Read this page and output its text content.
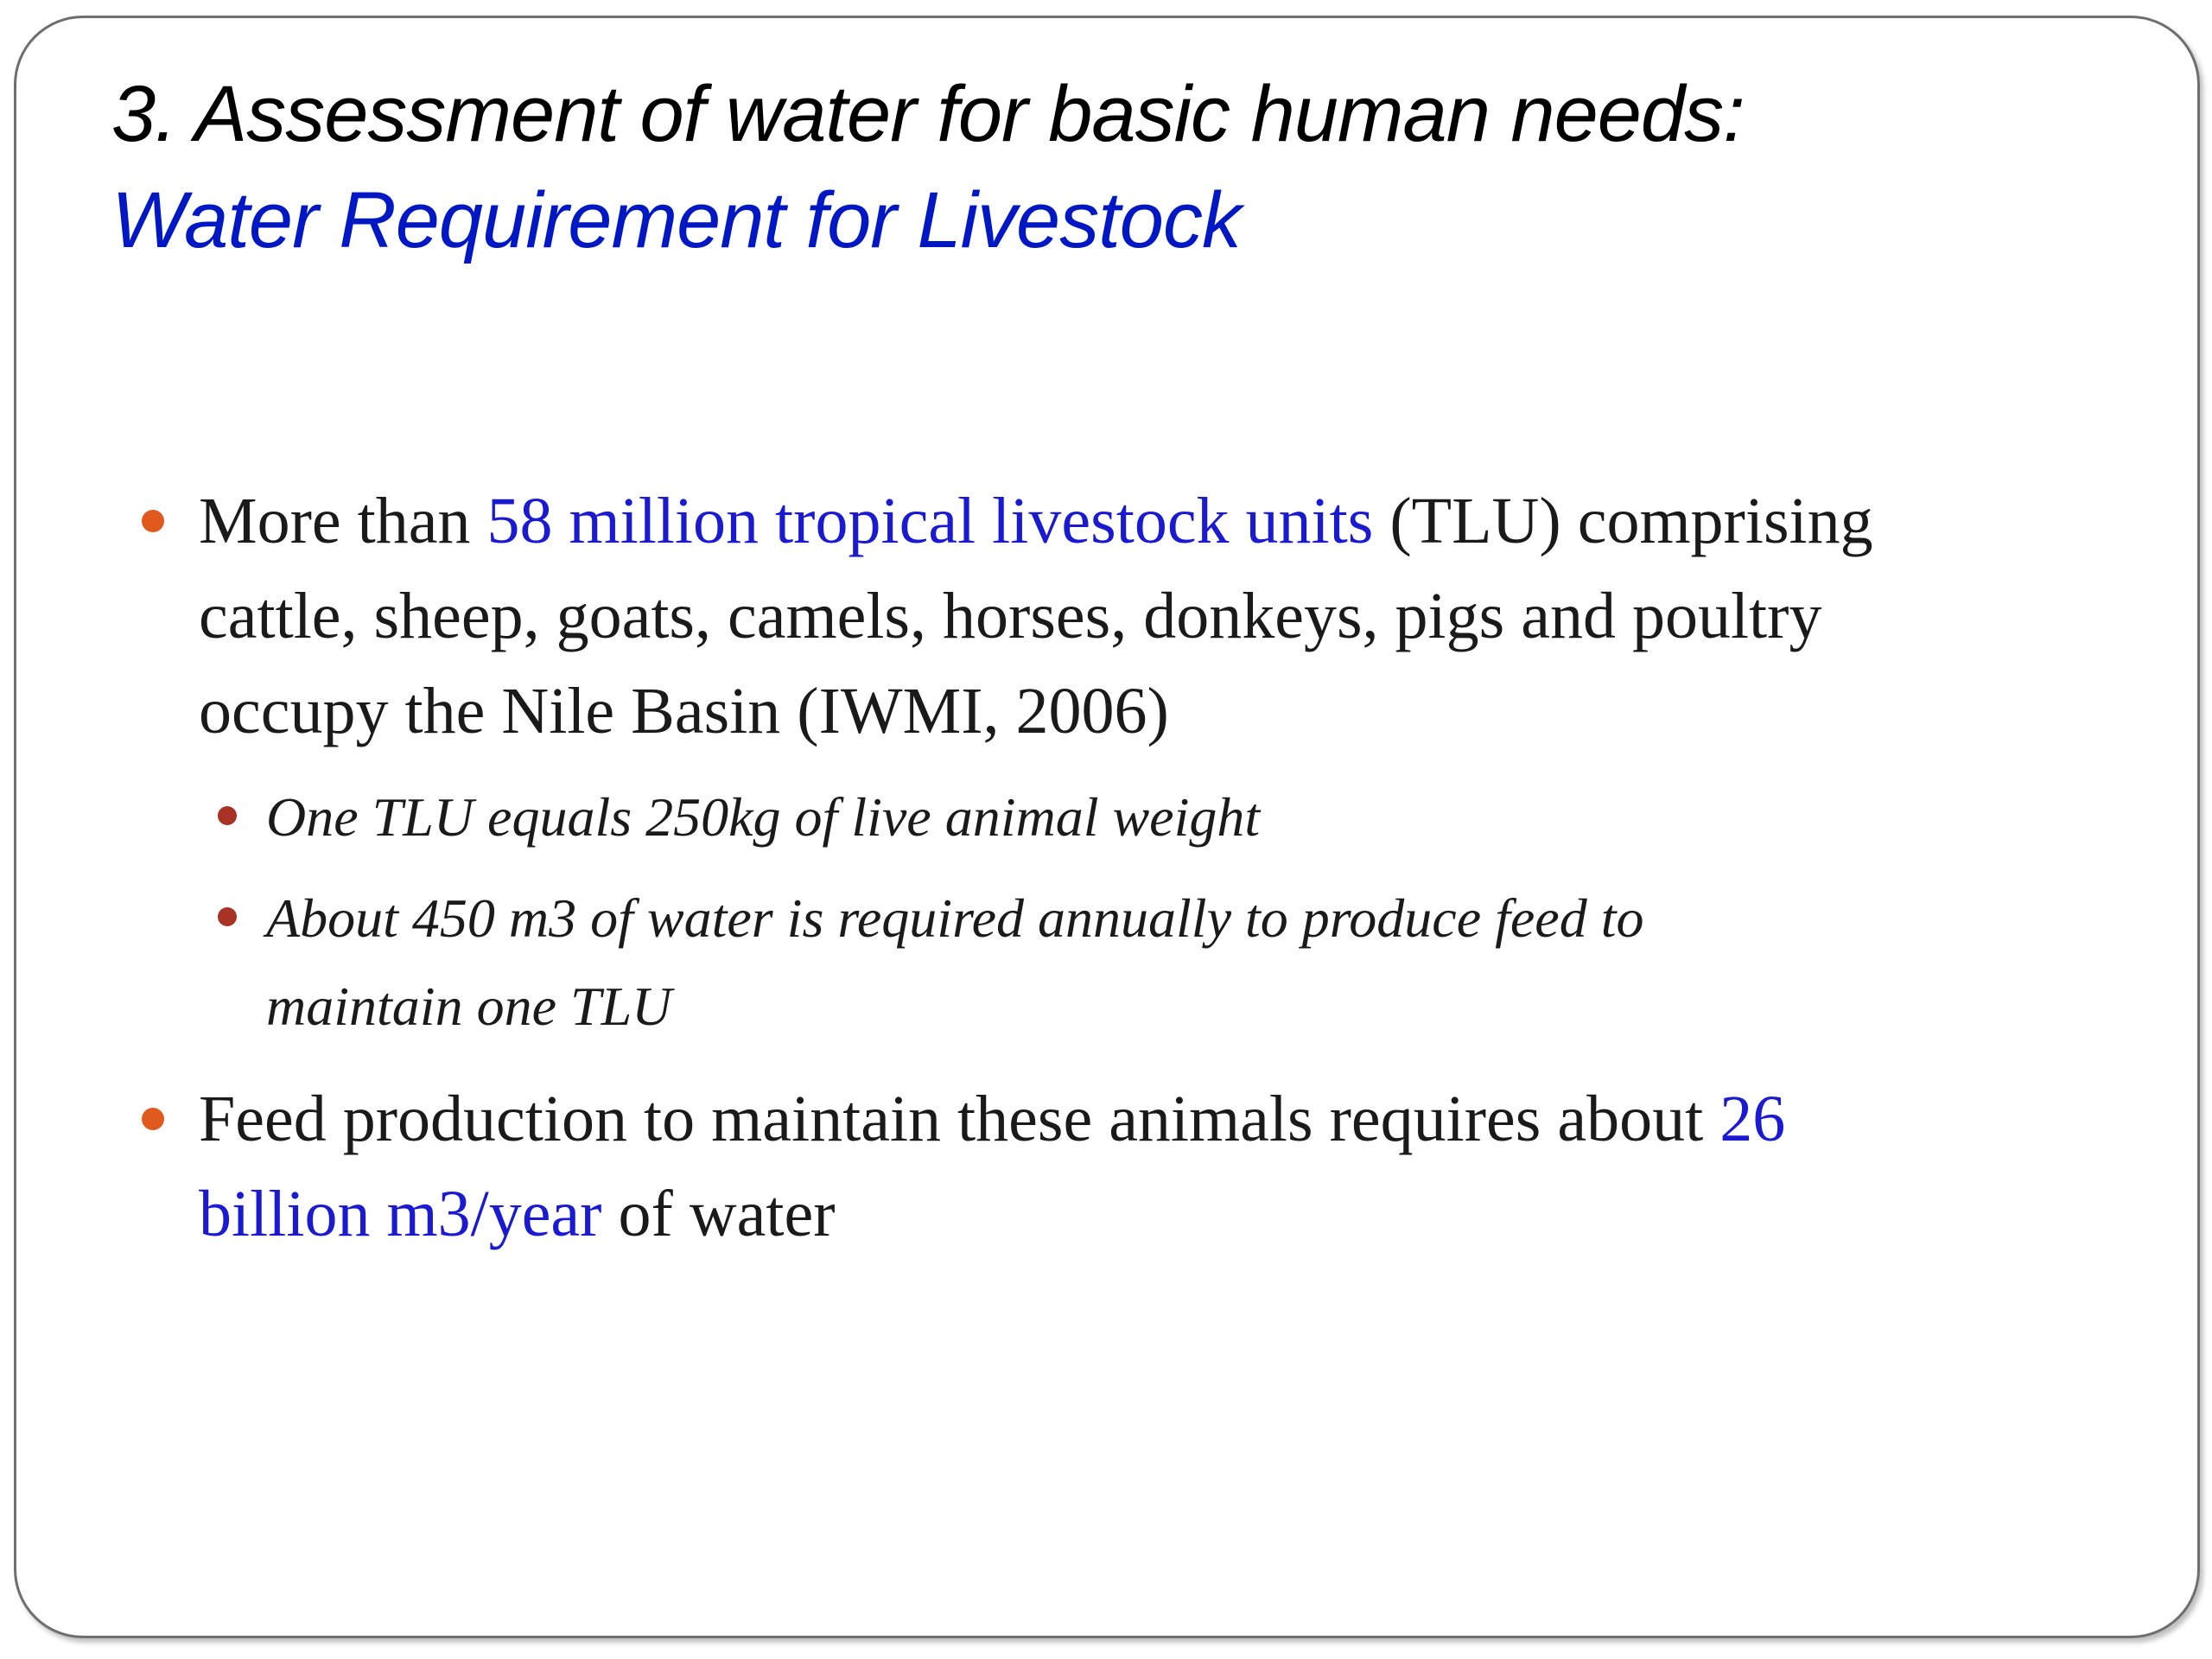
3. Assessment of water for basic human needs:
Water Requirement for Livestock
More than 58 million tropical livestock units (TLU) comprising cattle, sheep, goats, camels, horses, donkeys, pigs and poultry occupy the Nile Basin (IWMI, 2006)
One TLU equals 250kg of live animal weight
About 450 m3 of water is required annually to produce feed to maintain one TLU
Feed production to maintain these animals requires about 26 billion m3/year of water
